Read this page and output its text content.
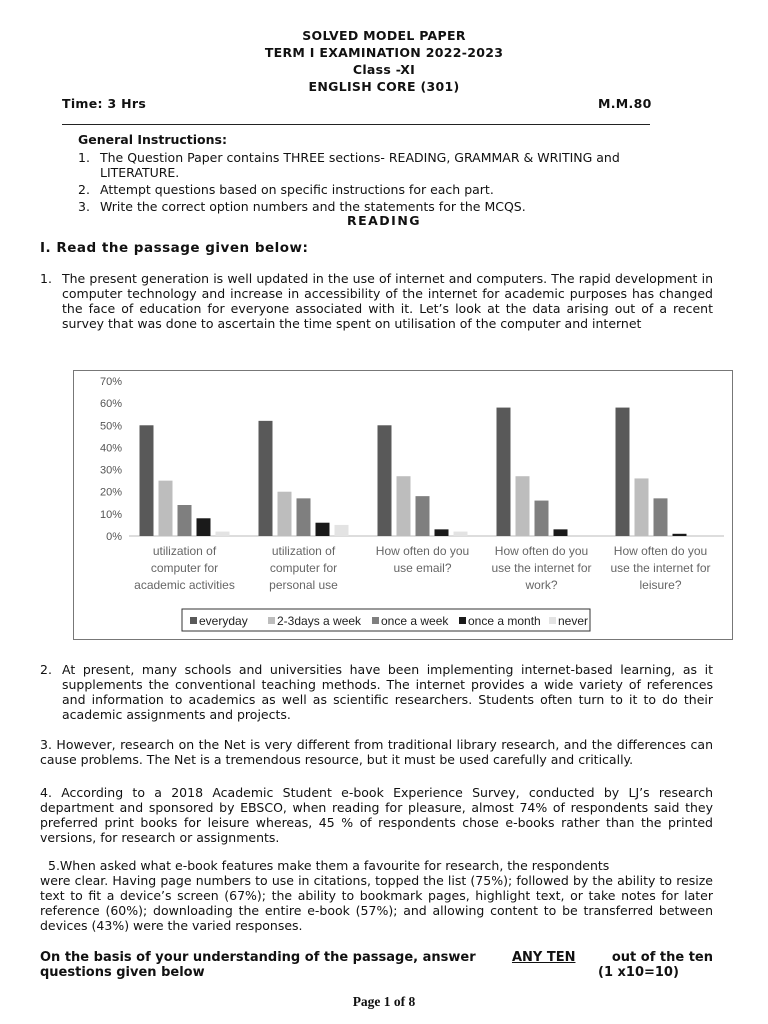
SOLVED MODEL PAPER
TERM I EXAMINATION 2022-2023
Class -XI
ENGLISH CORE (301)
Time: 3 Hrs	M.M.80
General Instructions:
1. The Question Paper contains THREE sections- READING, GRAMMAR & WRITING and LITERATURE.
2. Attempt questions based on specific instructions for each part.
3. Write the correct option numbers and the statements for the MCQS.
READING
I. Read the passage given below:
1. The present generation is well updated in the use of internet and computers. The rapid development in computer technology and increase in accessibility of the internet for academic purposes has changed the face of education for everyone associated with it. Let’s look at the data arising out of a recent survey that was done to ascertain the time spent on utilisation of the computer and internet
70%
60%
50%
40%
30%
20%
10%
0%
utilization of
computer for
academic activities
utilization of
computer for
personal use
How often do you
use email?
How often do you
use the internet for
work?
How often do you
use the internet for
leisure?
everyday 2-3days a week once a week once a month never
2. At present, many schools and universities have been implementing internet-based learning, as it supplements the conventional teaching methods. The internet provides a wide variety of references and information to academics as well as scientific researchers. Students often turn to it to do their academic assignments and projects.
3. However, research on the Net is very different from traditional library research, and the differences can cause problems. The Net is a tremendous resource, but it must be used carefully and critically.
4. According to a 2018 Academic Student e-book Experience Survey, conducted by LJ’s research department and sponsored by EBSCO, when reading for pleasure, almost 74% of respondents said they preferred print books for leisure whereas, 45 % of respondents chose e-books rather than the printed versions, for research or assignments.
5.When asked what e-book features make them a favourite for research, the respondents
were clear. Having page numbers to use in citations, topped the list (75%); followed by the ability to resize text to fit a device’s screen (67%); the ability to bookmark pages, highlight text, or take notes for later reference (60%); downloading the entire e-book (57%); and allowing content to be transferred between devices (43%) were the varied responses.
On the basis of your understanding of the passage, answer	ANY TEN	out of the ten
questions given below	(1 x10=10)
Page 1 of 8
